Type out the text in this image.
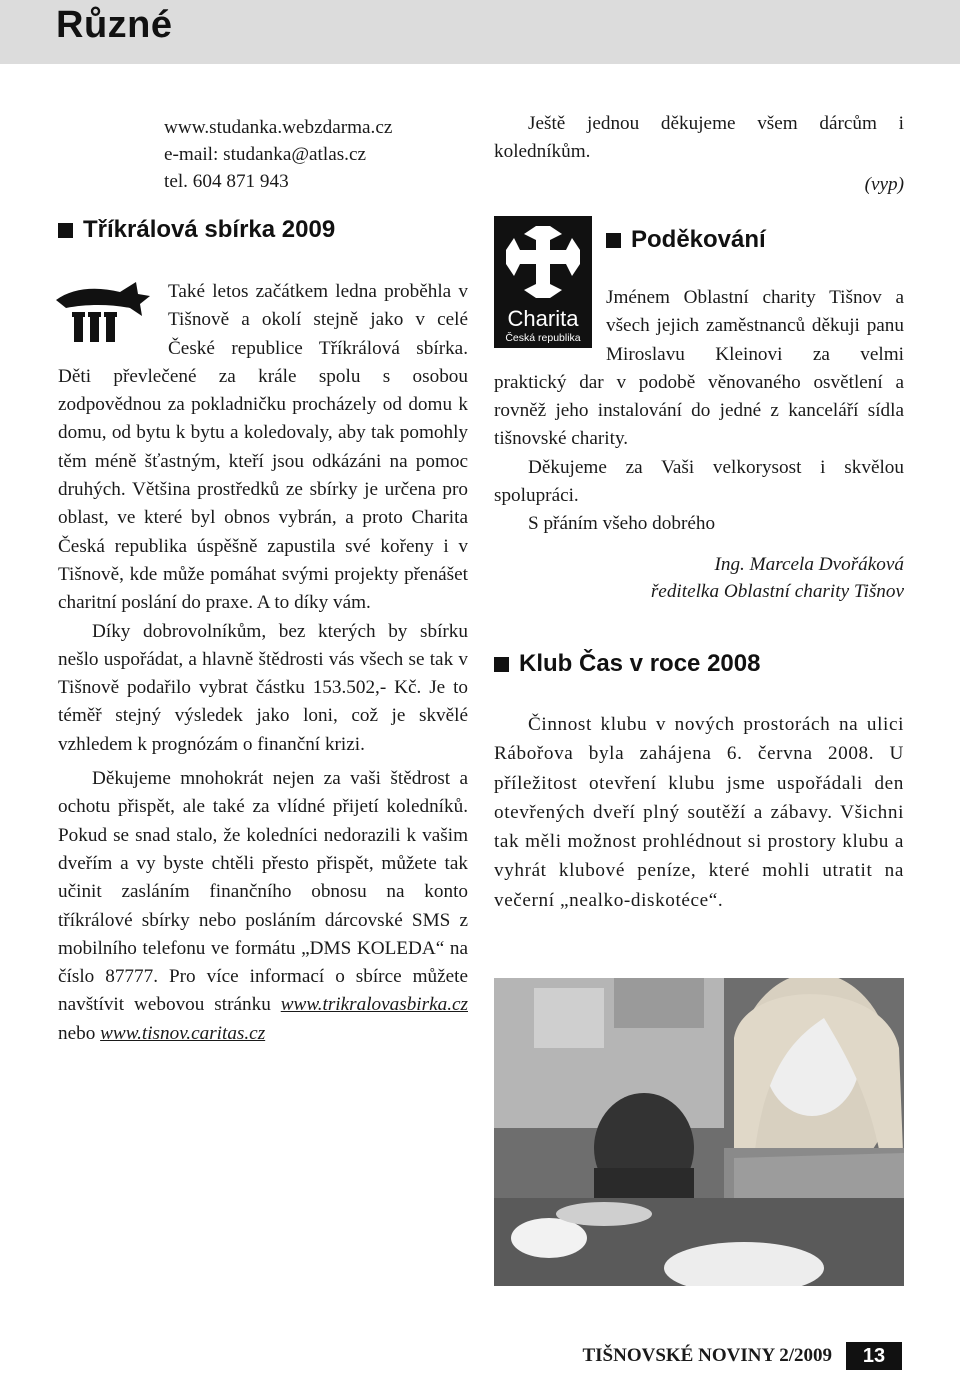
Různé
www.studanka.webzdarma.cz
e-mail: studanka@atlas.cz
tel. 604 871 943
Tříkrálová sbírka 2009

Také letos začátkem ledna proběhla v Tišnově a okolí stejně jako v celé České republice Tříkrálová sbírka. Děti převlečené za krále spolu s osobou zodpovědnou za pokladničku procházely od domu k domu, od bytu k bytu a koledovaly, aby tak pomohly těm méně šťastným, kteří jsou odkázáni na pomoc druhých. Většina prostředků ze sbírky je určena pro oblast, ve které byl obnos vybrán, a proto Charita Česká republika úspěšně zapustila své kořeny i v Tišnově, kde může pomáhat svými projekty přenášet charitní poslání do praxe. A to díky vám.

Díky dobrovolníkům, bez kterých by sbírku nešlo uspořádat, a hlavně štědrosti vás všech se tak v Tišnově podařilo vybrat částku 153.502,- Kč. Je to téměř stejný výsledek jako loni, což je skvělé vzhledem k prognózám o finanční krizi.

Děkujeme mnohokrát nejen za vaši štědrost a ochotu přispět, ale také za vlídné přijetí koledníků. Pokud se snad stalo, že koledníci nedorazili k vašim dveřím a vy byste chtěli přesto přispět, můžete tak učinit zasláním finančního obnosu na konto tříkrálové sbírky nebo posláním dárcovské SMS z mobilního telefonu ve formátu „DMS KOLEDA“ na číslo 87777. Pro více informací o sbírce můžete navštívit webovou stránku www.trikralovasbirka.cz nebo www.tisnov.caritas.cz

Ještě jednou děkujeme všem dárcům i koledníkům.

(vyp)
Charita
Česká republika
Poděkování

Jménem Oblastní charity Tišnov a všech jejich zaměstnanců děkuji panu Miroslavu Kleinovi za velmi praktický dar v podobě věnovaného osvětlení a rovněž jeho instalování do jedné z kanceláří sídla tišnovské charity.

Děkujeme za Vaši velkorysost i skvělou spolupráci.

S přáním všeho dobrého

Ing. Marcela Dvořáková
ředitelka Oblastní charity Tišnov
Klub Čas v roce 2008

Činnost klubu v nových prostorách na ulici Rábořova byla zahájena 6. června 2008. U příležitost otevření klubu jsme uspořádali den otevřených dveří plný soutěží a zábavy. Všichni tak měli možnost prohlédnout si prostory klubu a vyhrát klubové peníze, které mohli utratit na večerní „nealko-diskotéce“.

TIŠNOVSKÉ NOVINY 2/2009	13
